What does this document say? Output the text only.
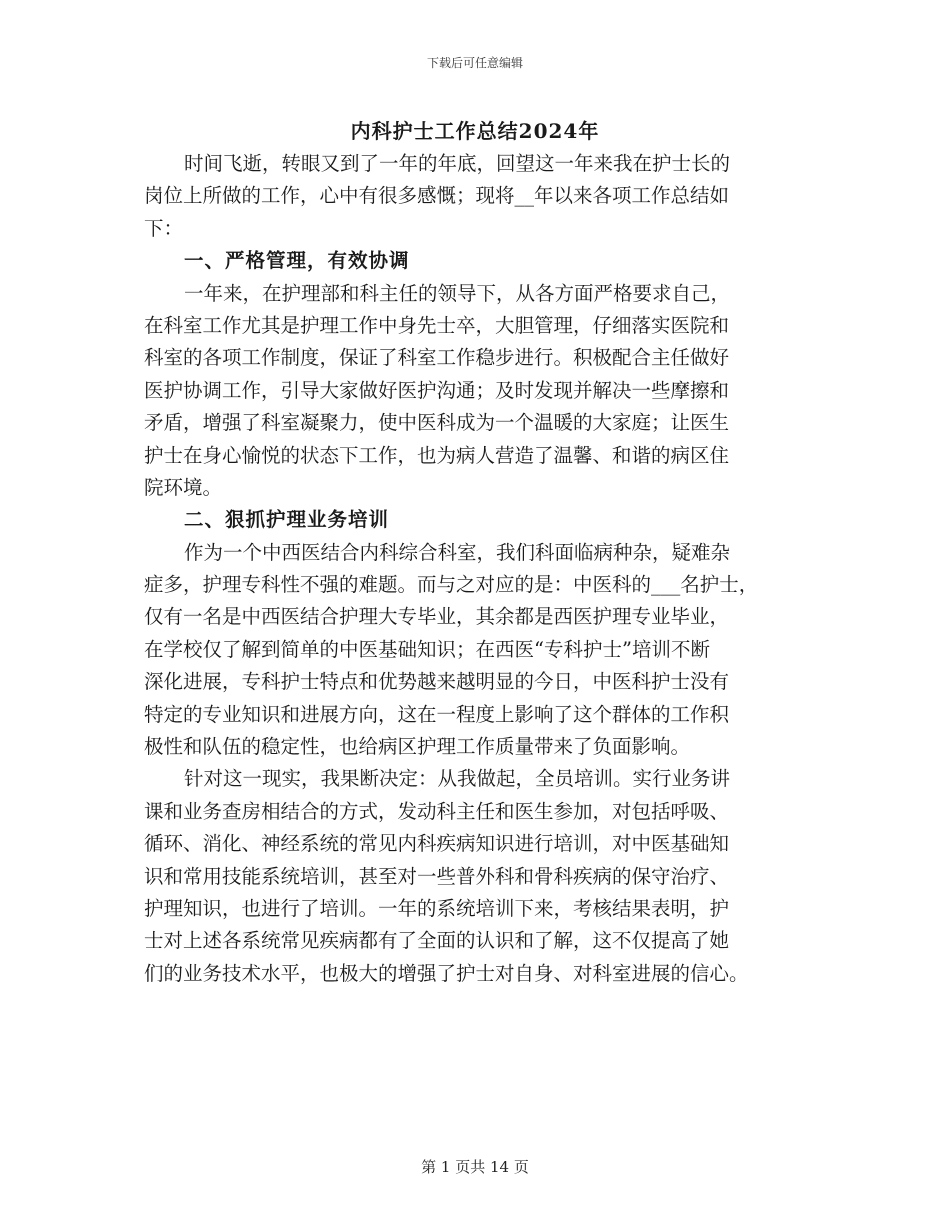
下载后可任意编辑
内科护士工作总结2024年
时间飞逝，转眼又到了一年的年底，回望这一年来我在护士长的
岗位上所做的工作，心中有很多感慨；现将__年以来各项工作总结如
下：
一、严格管理，有效协调
一年来，在护理部和科主任的领导下，从各方面严格要求自己，
在科室工作尤其是护理工作中身先士卒，大胆管理，仔细落实医院和
科室的各项工作制度，保证了科室工作稳步进行。积极配合主任做好
医护协调工作，引导大家做好医护沟通；及时发现并解决一些摩擦和
矛盾，增强了科室凝聚力，使中医科成为一个温暖的大家庭；让医生
护士在身心愉悦的状态下工作，也为病人营造了温馨、和谐的病区住
院环境。
二、狠抓护理业务培训
作为一个中西医结合内科综合科室，我们科面临病种杂，疑难杂
症多，护理专科性不强的难题。而与之对应的是：中医科的___名护士，
仅有一名是中西医结合护理大专毕业，其余都是西医护理专业毕业，
在学校仅了解到简单的中医基础知识；在西医“专科护士”培训不断
深化进展，专科护士特点和优势越来越明显的今日，中医科护士没有
特定的专业知识和进展方向，这在一程度上影响了这个群体的工作积
极性和队伍的稳定性，也给病区护理工作质量带来了负面影响。
针对这一现实，我果断决定：从我做起，全员培训。实行业务讲
课和业务查房相结合的方式，发动科主任和医生参加，对包括呼吸、
循环、消化、神经系统的常见内科疾病知识进行培训，对中医基础知
识和常用技能系统培训，甚至对一些普外科和骨科疾病的保守治疗、
护理知识，也进行了培训。一年的系统培训下来，考核结果表明，护
士对上述各系统常见疾病都有了全面的认识和了解，这不仅提高了她
们的业务技术水平，也极大的增强了护士对自身、对科室进展的信心。
第 1 页共 14 页
